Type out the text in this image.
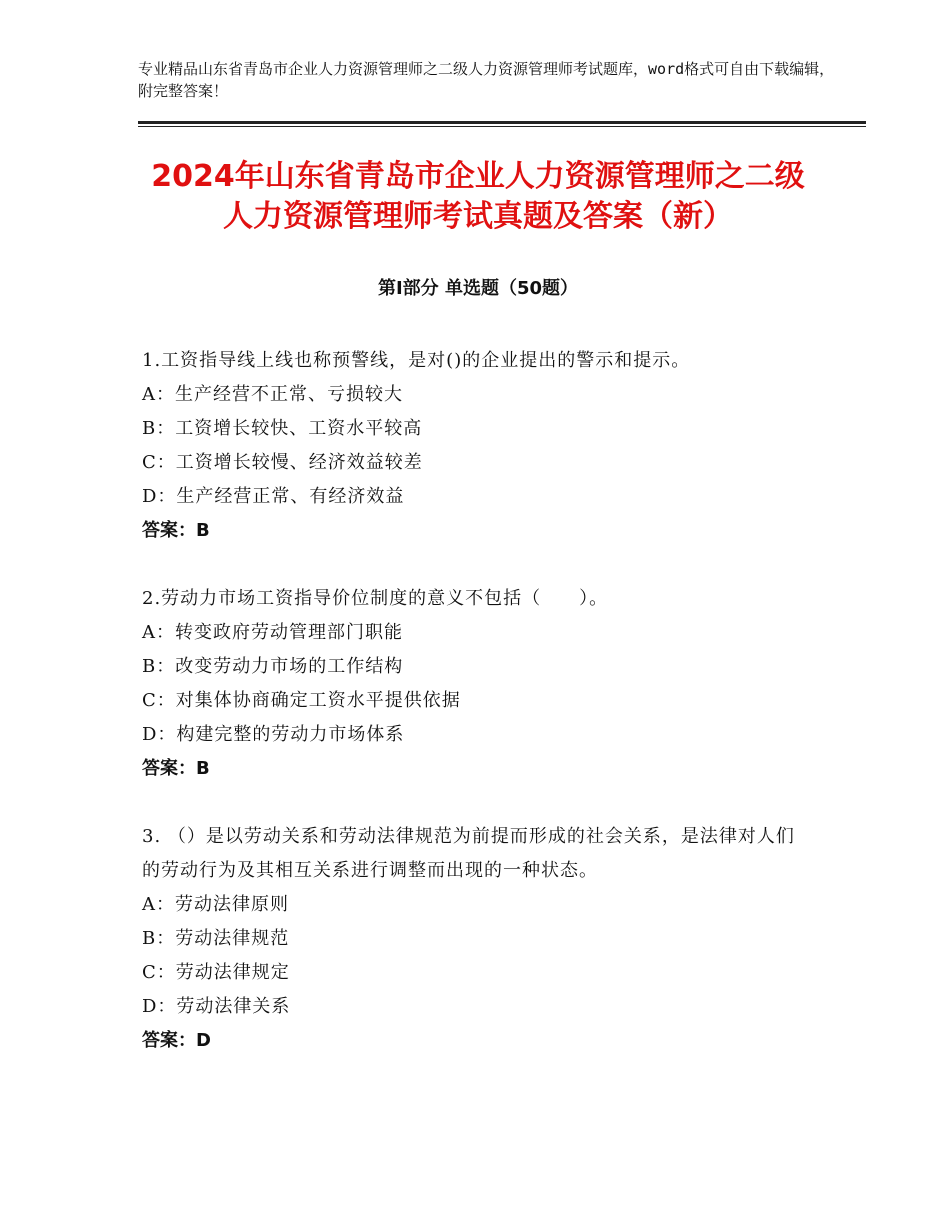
专业精品山东省青岛市企业人力资源管理师之二级人力资源管理师考试题库，word格式可自由下载编辑，附完整答案！
2024年山东省青岛市企业人力资源管理师之二级人力资源管理师考试真题及答案（新）
第Ⅰ部分 单选题（50题）
1.工资指导线上线也称预警线，是对()的企业提出的警示和提示。
A：生产经营不正常、亏损较大
B：工资增长较快、工资水平较高
C：工资增长较慢、经济效益较差
D：生产经营正常、有经济效益
答案：B
2.劳动力市场工资指导价位制度的意义不包括（　　）。
A：转变政府劳动管理部门职能
B：改变劳动力市场的工作结构
C：对集体协商确定工资水平提供依据
D：构建完整的劳动力市场体系
答案：B
3. （）是以劳动关系和劳动法律规范为前提而形成的社会关系，是法律对人们的劳动行为及其相互关系进行调整而出现的一种状态。
A：劳动法律原则
B：劳动法律规范
C：劳动法律规定
D：劳动法律关系
答案：D
